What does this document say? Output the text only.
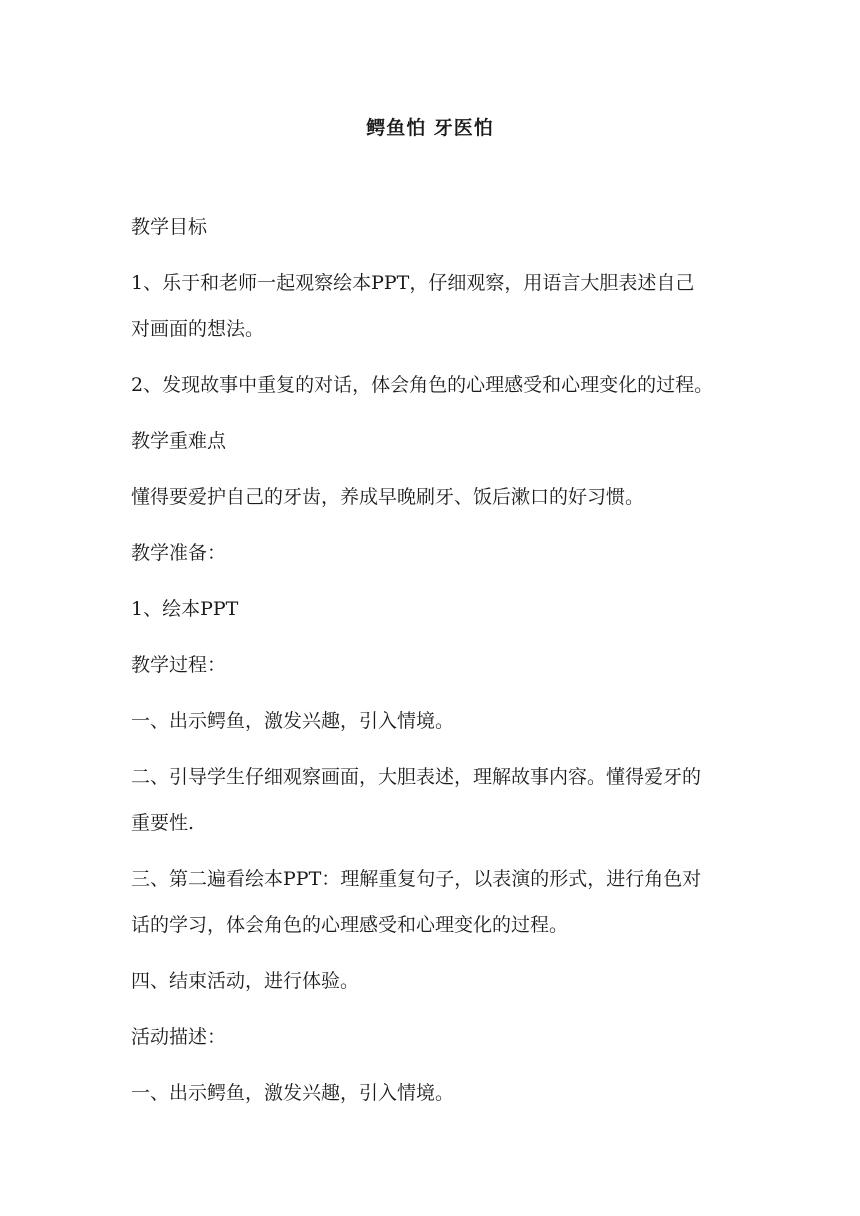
鳄鱼怕 牙医怕

教学目标

1、乐于和老师一起观察绘本PPT，仔细观察，用语言大胆表述自己
对画面的想法。

2、发现故事中重复的对话，体会角色的心理感受和心理变化的过程。

教学重难点

懂得要爱护自己的牙齿，养成早晚刷牙、饭后漱口的好习惯。

教学准备：

1、绘本PPT

教学过程：

一、出示鳄鱼，激发兴趣，引入情境。

二、引导学生仔细观察画面，大胆表述，理解故事内容。懂得爱牙的
重要性.

三、第二遍看绘本PPT：理解重复句子，以表演的形式，进行角色对
话的学习，体会角色的心理感受和心理变化的过程。

四、结束活动，进行体验。

活动描述：

一、出示鳄鱼，激发兴趣，引入情境。
